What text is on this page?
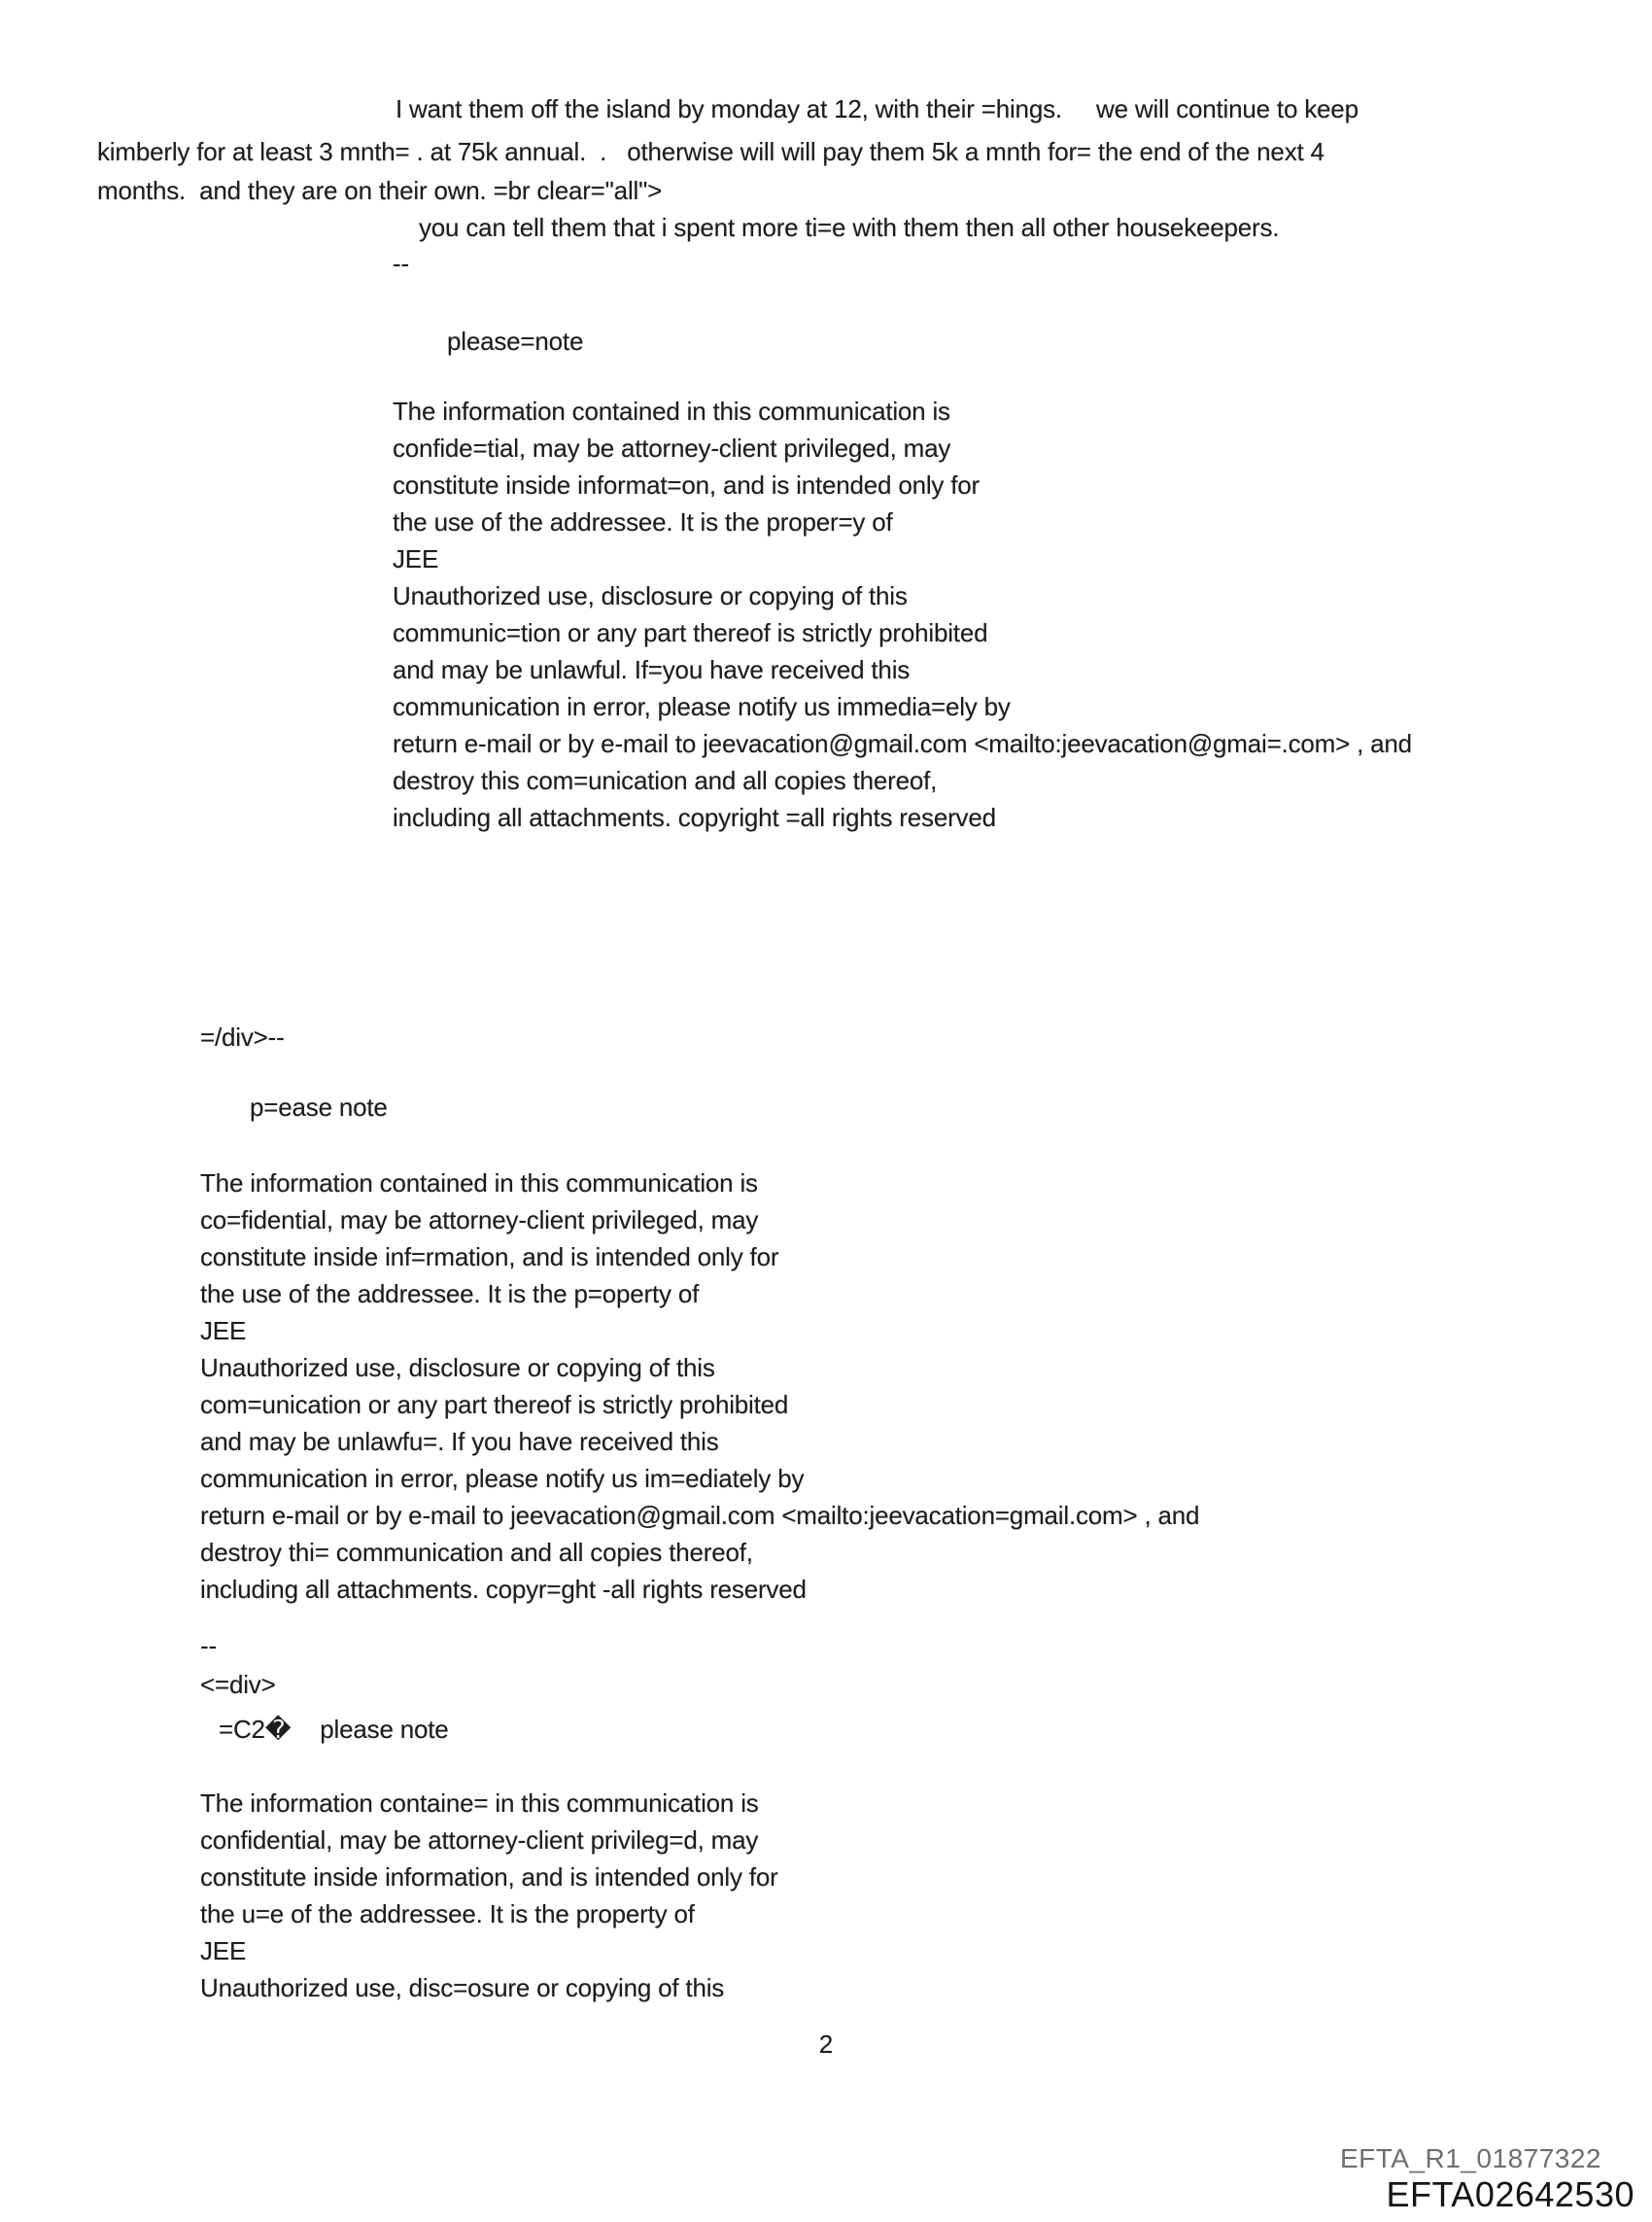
I want them off the island by monday at 12, with their =hings.     we will continue to keep
kimberly for at least 3 mnth= . at 75k annual.  .   otherwise will will pay them 5k a mnth for= the end of the next 4
months.  and they are on their own. =br clear="all">
you can tell them that i spent more ti=e with them then all other housekeepers.
--
please=note
The information contained in this communication is
confide=tial, may be attorney-client privileged, may
constitute inside informat=on, and is intended only for
the use of the addressee. It is the proper=y of
JEE
Unauthorized use, disclosure or copying of this
communic=tion or any part thereof is strictly prohibited
and may be unlawful. If=you have received this
communication in error, please notify us immedia=ely by
return e-mail or by e-mail to jeevacation@gmail.com <mailto:jeevacation@gmai=.com> , and
destroy this com=unication and all copies thereof,
including all attachments. copyright =all rights reserved
=/div>--
p=ease note
The information contained in this communication is
co=fidential, may be attorney-client privileged, may
constitute inside inf=rmation, and is intended only for
the use of the addressee. It is the p=operty of
JEE
Unauthorized use, disclosure or copying of this
com=unication or any part thereof is strictly prohibited
and may be unlawfu=. If you have received this
communication in error, please notify us im=ediately by
return e-mail or by e-mail to jeevacation@gmail.com <mailto:jeevacation=gmail.com> , and
destroy thi= communication and all copies thereof,
including all attachments. copyr=ght -all rights reserved
--
<=div>
=C2� please note
The information containe= in this communication is
confidential, may be attorney-client privileg=d, may
constitute inside information, and is intended only for
the u=e of the addressee. It is the property of
JEE
Unauthorized use, disc=osure or copying of this
2
EFTA_R1_01877322
EFTA02642530
